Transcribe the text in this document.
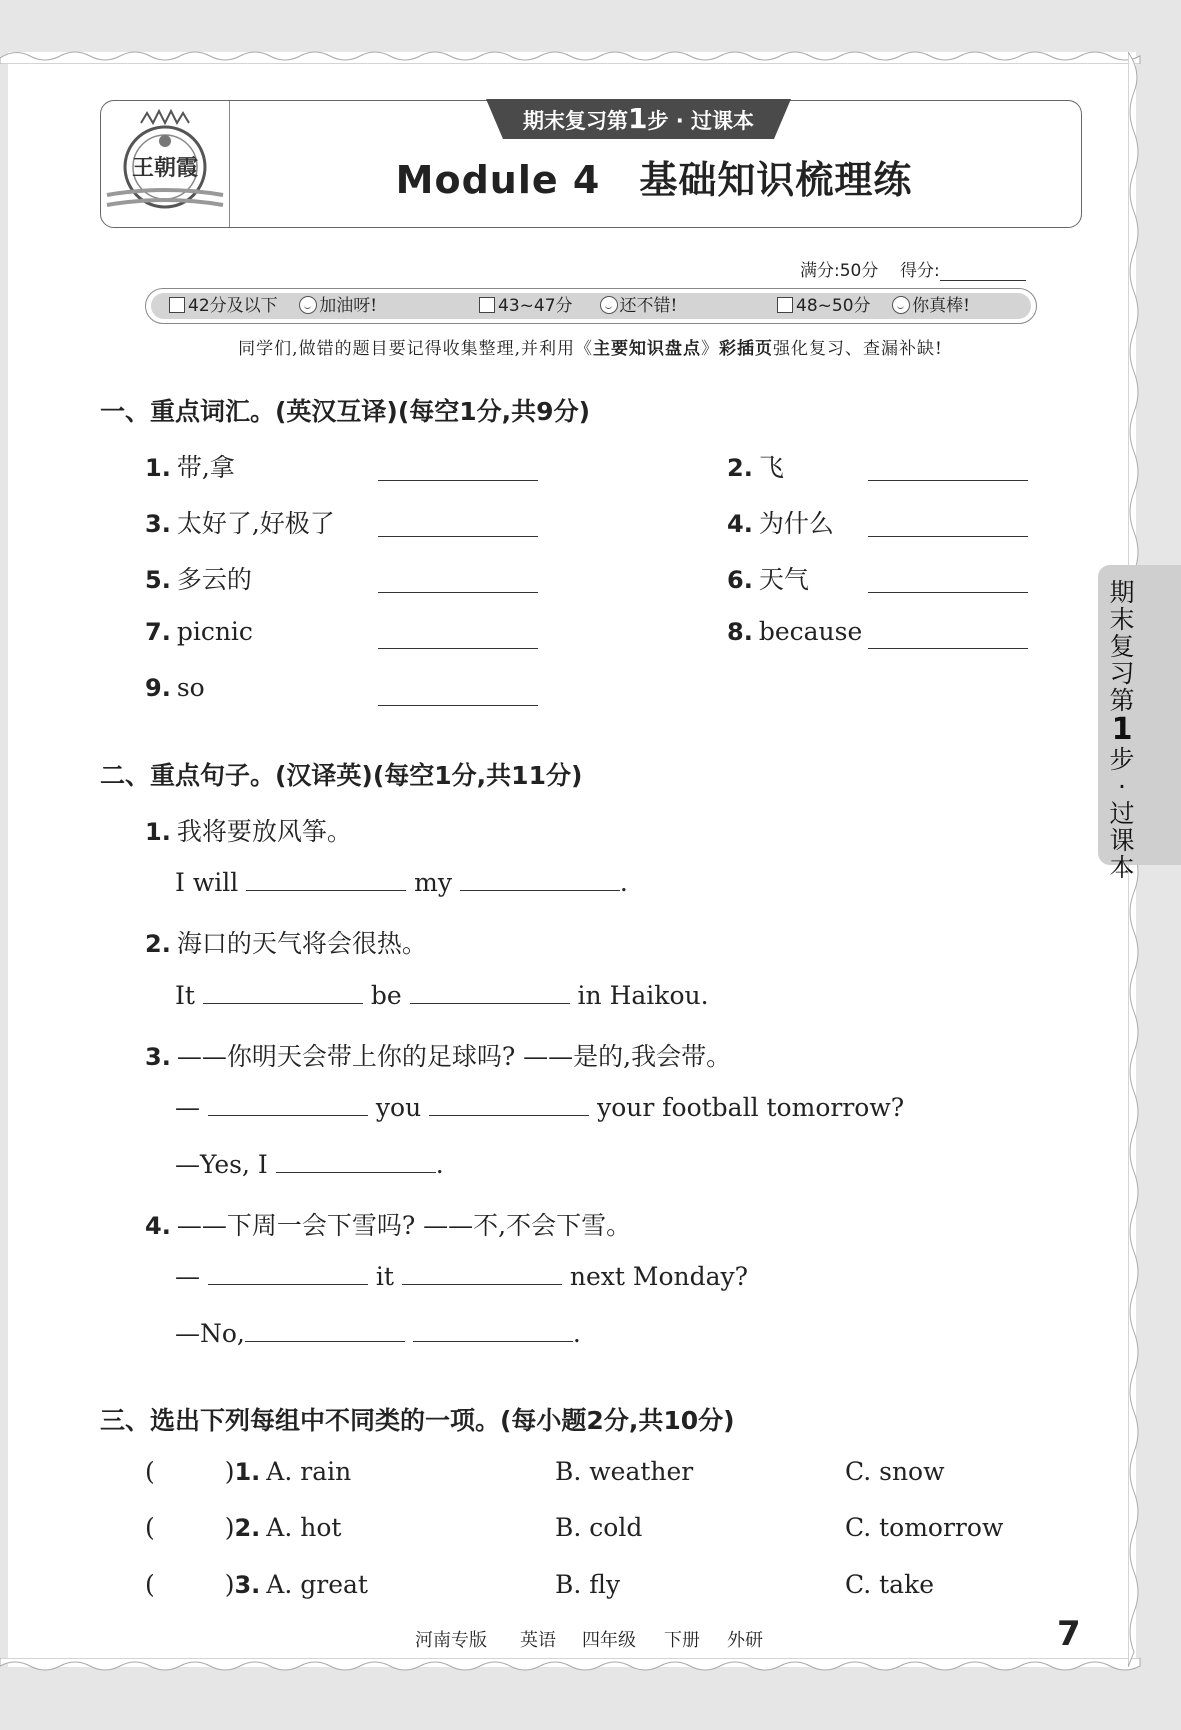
王朝霞
期末复习第1步 · 过课本
Module 4　基础知识梳理练
满分:50分 得分:
42分及以下 加油呀!	43~47分	还不错!	48~50分 你真棒!
同学们,做错的题目要记得收集整理,并利用《主要知识盘点》彩插页强化复习、查漏补缺!
一、重点词汇。(英汉互译)(每空1分,共9分)
1. 带,拿	2. 飞
3. 太好了,好极了	4. 为什么
5. 多云的	6. 天气
7. picnic	8. because
9. so
二、重点句子。(汉译英)(每空1分,共11分)
1. 我将要放风筝。
I will	my	.
2. 海口的天气将会很热。
It	be	in Haikou.
3. ——你明天会带上你的足球吗? ——是的,我会带。
—	you	your football tomorrow?
—Yes, I	.
4. ——下周一会下雪吗? ——不,不会下雪。
—	it	next Monday?
—No,	.
三、选出下列每组中不同类的一项。(每小题2分,共10分)
( )1. A. rain	B. weather	C. snow
( )2. A. hot	B. cold	C. tomorrow
( )3. A. great	B. fly	C. take
期
末
复
习
第
1
步
·
过
课
本
河南专版 英语 四年级 下册 外研	7
